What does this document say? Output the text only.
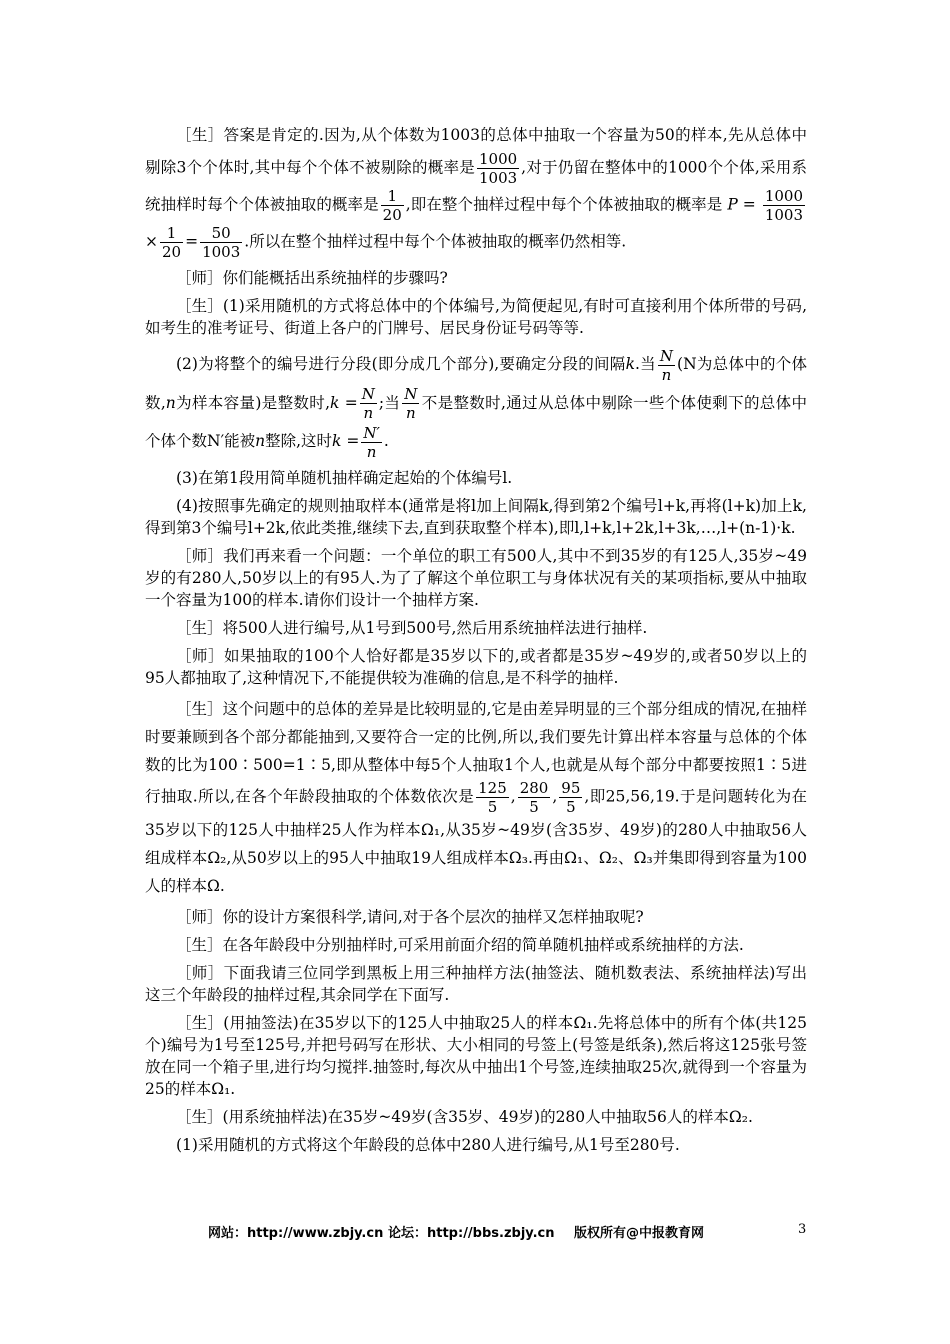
［生］答案是肯定的.因为,从个体数为1003的总体中抽取一个容量为50的样本,先从总体中剔除3个个体时,其中每个个体不被剔除的概率是 $\frac{1000}{1003}$ ,对于仍留在整体中的1000个个体,采用系统抽样时每个个体被抽取的概率是 $\frac{1}{20}$ ,即在整个抽样过程中每个个体被抽取的概率是 $P = \frac{1000}{1003}$
× $\frac{1}{20} = \frac{50}{1003}$ .所以在整个抽样过程中每个个体被抽取的概率仍然相等.

［师］你们能概括出系统抽样的步骤吗?

［生］(1)采用随机的方式将总体中的个体编号,为简便起见,有时可直接利用个体所带的号码,如考生的准考证号、街道上各户的门牌号、居民身份证号码等等.

(2)为将整个的编号进行分段(即分成几个部分),要确定分段的间隔k.当 $\frac{N}{n} (N$为总体中的个体数,n为样本容量)是整数时$,k = \frac{N}{n}$ ;当 $\frac{N}{n}$ 不是整数时,通过从总体中剔除一些个体使剩下的总体中个体个数N′能被n整除,这时$k = \frac{N'}{n}$ .

(3)在第1段用简单随机抽样确定起始的个体编号l.

(4)按照事先确定的规则抽取样本(通常是将l加上间隔k,得到第2个编号l+k,再将(l+k)加上k,得到第3个编号l+2k,依此类推,继续下去,直到获取整个样本),即l,l+k,l+2k,l+3k,…,l+(n-1)·k.

［师］我们再来看一个问题：一个单位的职工有500人,其中不到35岁的有125人,35岁~49岁的有280人,50岁以上的有95人.为了了解这个单位职工与身体状况有关的某项指标,要从中抽取一个容量为100的样本.请你们设计一个抽样方案.

［生］将500人进行编号,从1号到500号,然后用系统抽样法进行抽样.

［师］如果抽取的100个人恰好都是35岁以下的,或者都是35岁~49岁的,或者50岁以上的95人都抽取了,这种情况下,不能提供较为准确的信息,是不科学的抽样.

［生］这个问题中的总体的差异是比较明显的,它是由差异明显的三个部分组成的情况,在抽样时要兼顾到各个部分都能抽到,又要符合一定的比例,所以,我们要先计算出样本容量与总体的个体数的比为100∶500=1∶5,即从整体中每5个人抽取1个人,也就是从每个部分中都要按照1∶5进行抽取.所以,在各个年龄段抽取的个体数依次是 $\frac{125}{5}$ , $\frac{280}{5}$ , $\frac{95}{5}$ ,即25,56,19.于是问题转化为在35岁以下的125人中抽样25人作为样本Ω₁,从35岁~49岁(含35岁、49岁)的280人中抽取56人组成样本Ω₂,从50岁以上的95人中抽取19人组成样本Ω₃.再由Ω₁、Ω₂、Ω₃并集即得到容量为100人的样本Ω.

［师］你的设计方案很科学,请问,对于各个层次的抽样又怎样抽取呢?

［生］在各年龄段中分别抽样时,可采用前面介绍的简单随机抽样或系统抽样的方法.

［师］下面我请三位同学到黑板上用三种抽样方法(抽签法、随机数表法、系统抽样法)写出这三个年龄段的抽样过程,其余同学在下面写.

［生］(用抽签法)在35岁以下的125人中抽取25人的样本Ω₁.先将总体中的所有个体(共125个)编号为1号至125号,并把号码写在形状、大小相同的号签上(号签是纸条),然后将这125张号签放在同一个箱子里,进行均匀搅拌.抽签时,每次从中抽出1个号签,连续抽取25次,就得到一个容量为25的样本Ω₁.

［生］(用系统抽样法)在35岁~49岁(含35岁、49岁)的280人中抽取56人的样本Ω₂.

(1)采用随机的方式将这个年龄段的总体中280人进行编号,从1号至280号.

网站：http://www.zbjy.cn 论坛：http://bbs.zbjy.cn 版权所有@中报教育网	3
